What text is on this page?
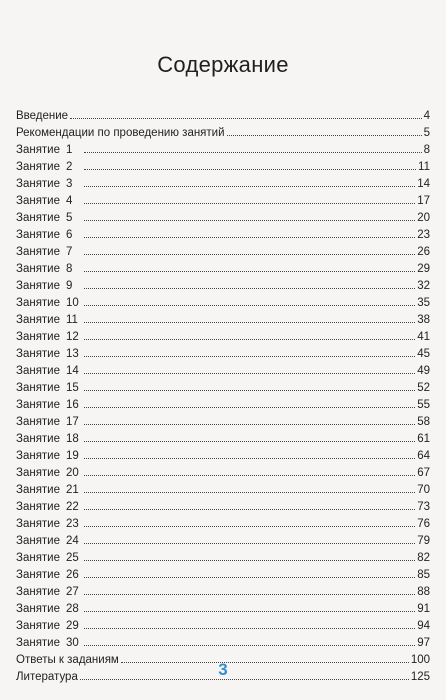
Содержание
Введение	4
Рекомендации по проведению занятий	5
Занятие 1	8
Занятие 2	11
Занятие 3	14
Занятие 4	17
Занятие 5	20
Занятие 6	23
Занятие 7	26
Занятие 8	29
Занятие 9	32
Занятие 10	35
Занятие 11	38
Занятие 12	41
Занятие 13	45
Занятие 14	49
Занятие 15	52
Занятие 16	55
Занятие 17	58
Занятие 18	61
Занятие 19	64
Занятие 20	67
Занятие 21	70
Занятие 22	73
Занятие 23	76
Занятие 24	79
Занятие 25	82
Занятие 26	85
Занятие 27	88
Занятие 28	91
Занятие 29	94
Занятие 30	97
Ответы к заданиям	100
Литература	125
3
